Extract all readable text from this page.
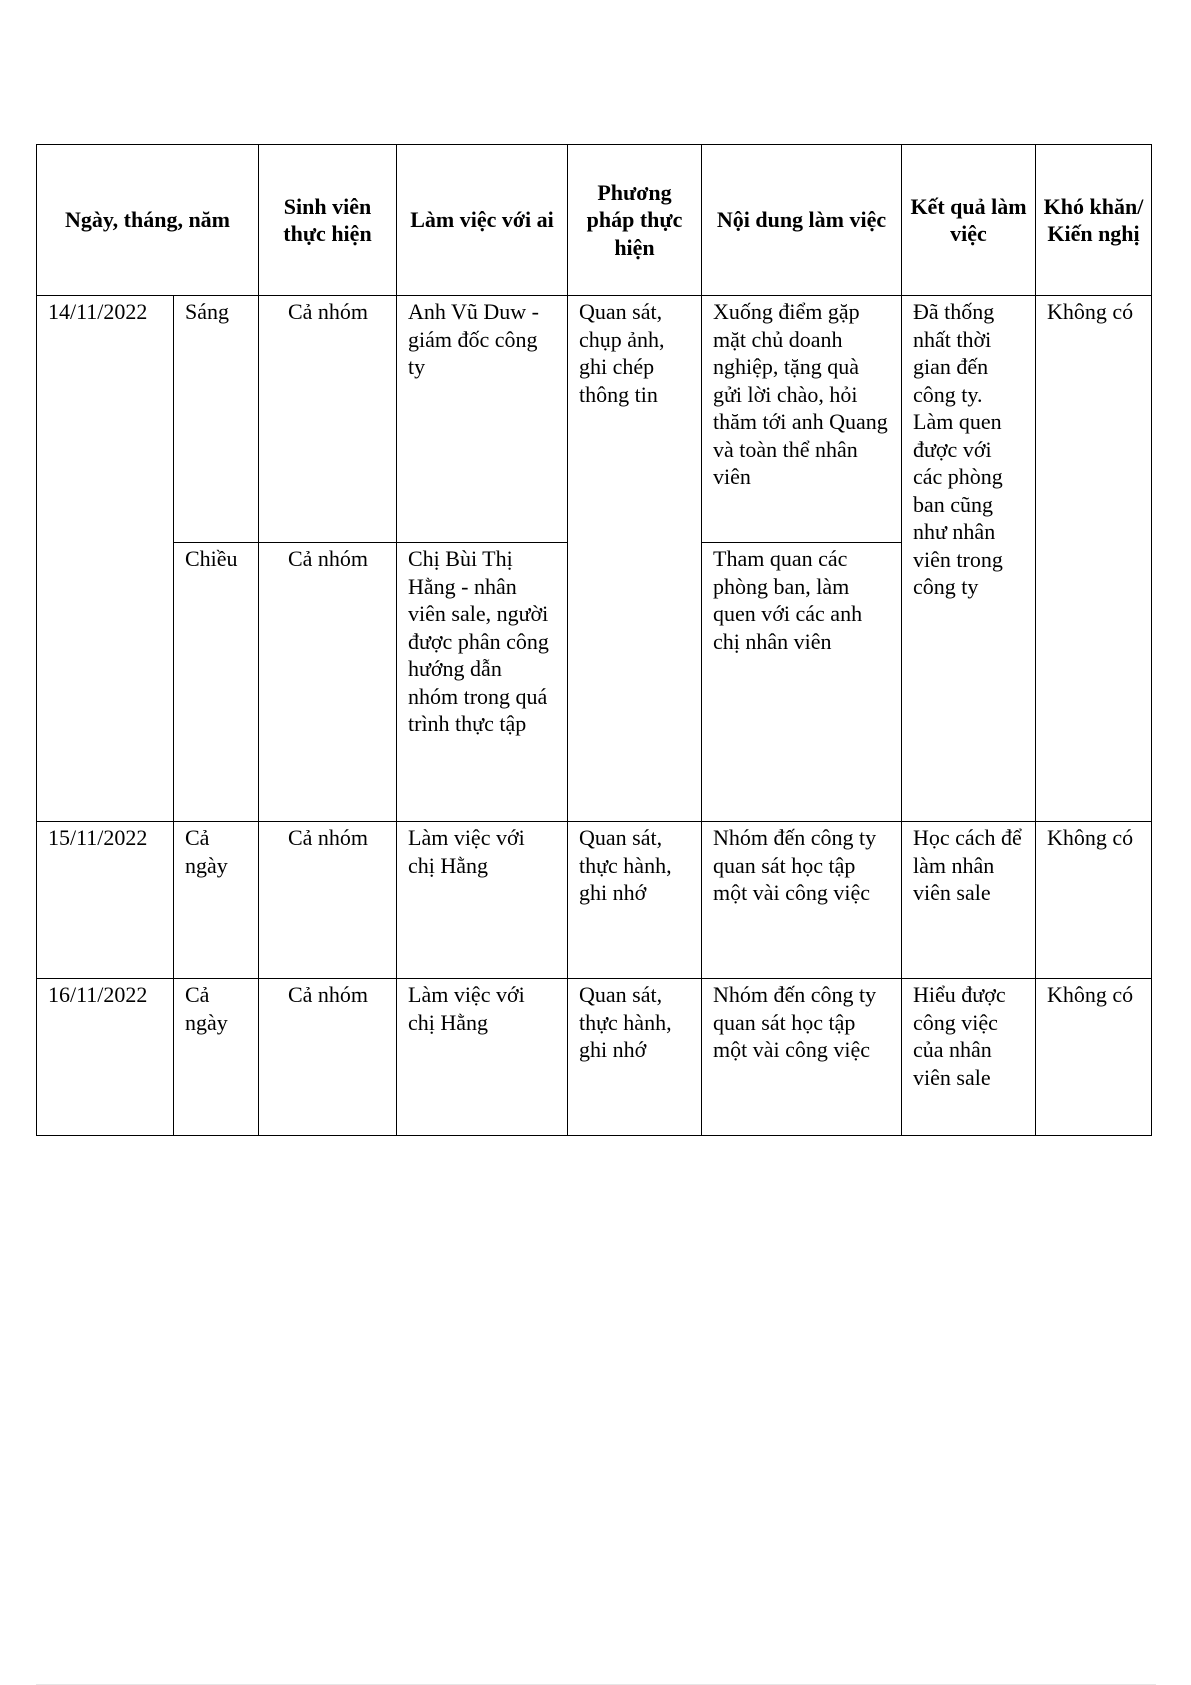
Ngày, tháng, năm		Sinh viên thực hiện	Làm việc với ai	Phương pháp thực hiện	Nội dung làm việc	Kết quả làm việc	Khó khăn/ Kiến nghị
14/11/2022	Sáng	Cả nhóm	Anh Vũ Duw - giám đốc công ty	Quan sát, chụp ảnh, ghi chép thông tin	Xuống điểm gặp mặt chủ doanh nghiệp, tặng quà gửi lời chào, hỏi thăm tới anh Quang và toàn thể nhân viên	Đã thống nhất thời gian đến công ty. Làm quen được với các phòng ban cũng như nhân viên trong công ty	Không có
	Chiều	Cả nhóm	Chị Bùi Thị Hằng - nhân viên sale, người được phân công hướng dẫn nhóm trong quá trình thực tập		Tham quan các phòng ban, làm quen với các anh chị nhân viên		
15/11/2022	Cả ngày	Cả nhóm	Làm việc với chị Hằng	Quan sát, thực hành, ghi nhớ	Nhóm đến công ty quan sát học tập một vài công việc	Học cách để làm nhân viên sale	Không có
16/11/2022	Cả ngày	Cả nhóm	Làm việc với chị Hằng	Quan sát, thực hành, ghi nhớ	Nhóm đến công ty quan sát học tập một vài công việc	Hiểu được công việc của nhân viên sale	Không có
